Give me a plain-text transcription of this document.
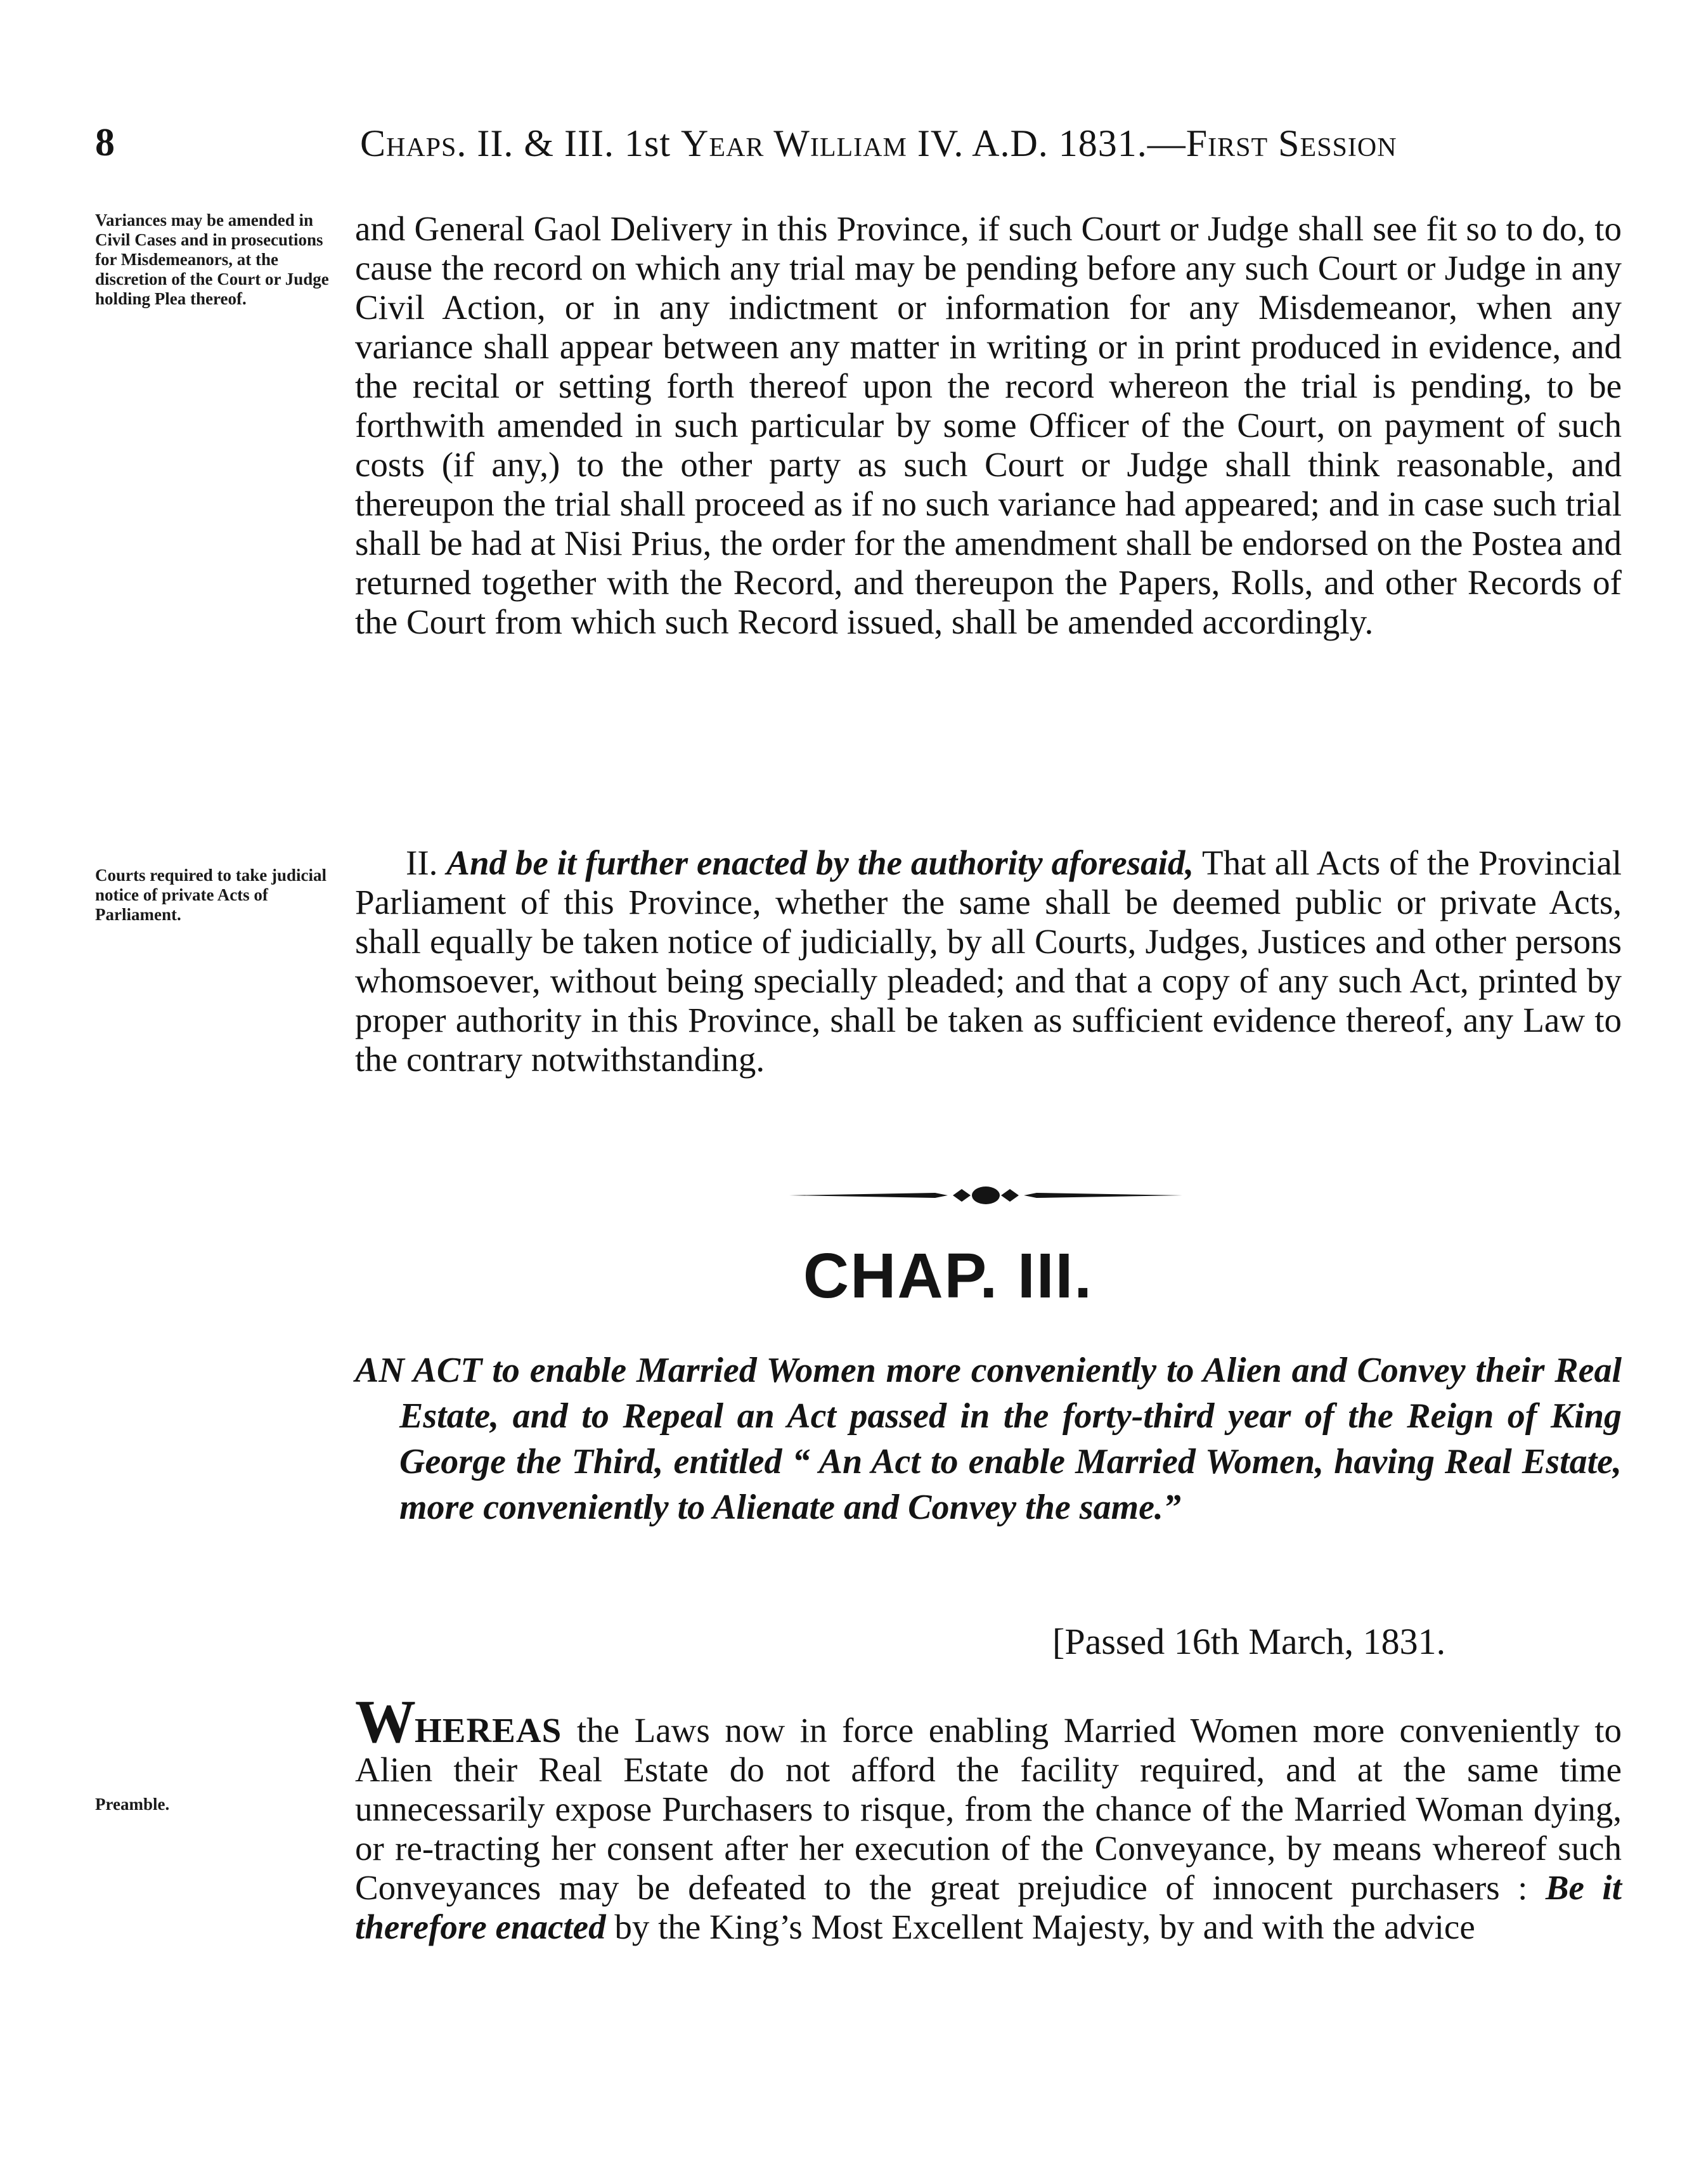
8	Chaps. II. & III. 1st Year William IV. A.D. 1831.—First Session
Variances may be amended in Civil Cases and in prosecutions for Misdemeanors, at the discretion of the Court or Judge holding Plea thereof.
Courts required to take judicial notice of private Acts of Parliament.
Preamble.

and General Gaol Delivery in this Province, if such Court or Judge shall see fit so to do, to cause the record on which any trial may be pending before any such Court or Judge in any Civil Action, or in any indictment or information for any Misdemeanor, when any variance shall appear between any matter in writing or in print produced in evidence, and the recital or setting forth thereof upon the record whereon the trial is pending, to be forthwith amended in such particular by some Officer of the Court, on payment of such costs (if any,) to the other party as such Court or Judge shall think reasonable, and thereupon the trial shall proceed as if no such variance had appeared; and in case such trial shall be had at Nisi Prius, the order for the amendment shall be endorsed on the Postea and returned together with the Record, and thereupon the Papers, Rolls, and other Records of the Court from which such Record issued, shall be amended accordingly.

II. And be it further enacted by the authority aforesaid, That all Acts of the Provincial Parliament of this Province, whether the same shall be deemed public or private Acts, shall equally be taken notice of judicially, by all Courts, Judges, Justices and other persons whomsoever, without being specially pleaded; and that a copy of any such Act, printed by proper authority in this Province, shall be taken as sufficient evidence thereof, any Law to the contrary notwithstanding.

CHAP. III.
AN ACT to enable Married Women more conveniently to Alien and Convey their Real Estate, and to Repeal an Act passed in the forty-third year of the Reign of King George the Third, entitled “ An Act to enable Married Women, having Real Estate, more conveniently to Alienate and Convey the same.”
[Passed 16th March, 1831.
WHEREAS the Laws now in force enabling Married Women more conveniently to Alien their Real Estate do not afford the facility required, and at the same time unnecessarily expose Purchasers to risque, from the chance of the Married Woman dying, or re-tracting her consent after her execution of the Conveyance, by means whereof such Conveyances may be defeated to the great prejudice of innocent purchasers : Be it therefore enacted by the King’s Most Excellent Majesty, by and with the advice
